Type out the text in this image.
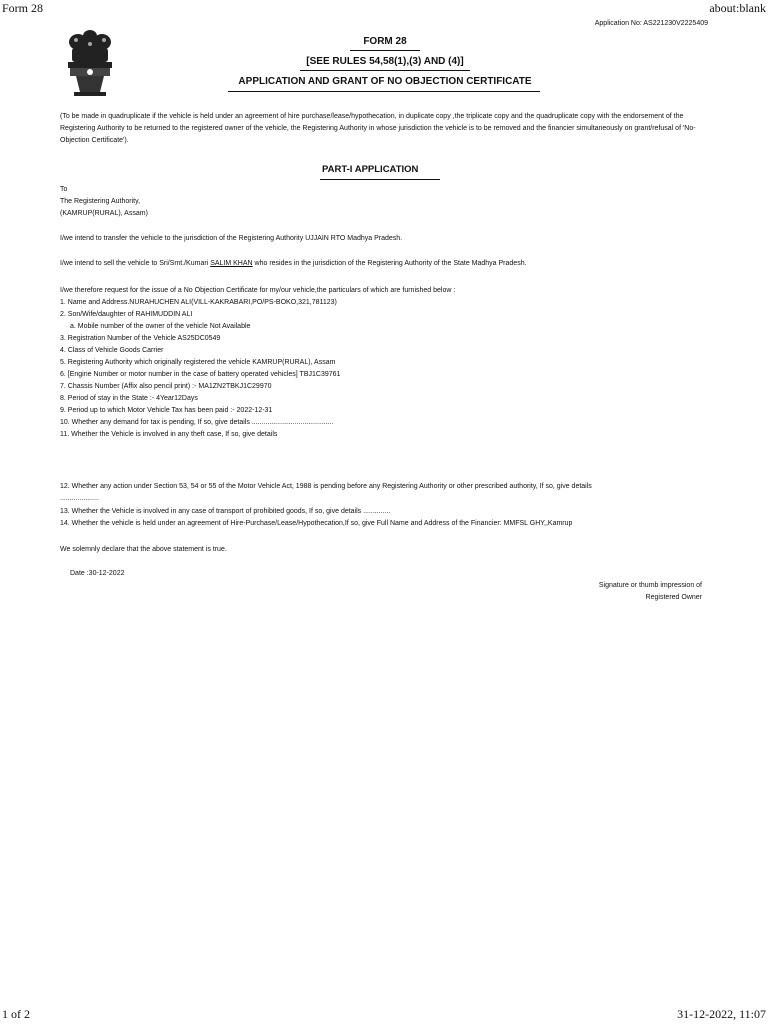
Form 28	about:blank
Application No: AS221230V2225409
FORM 28
[SEE RULES 54,58(1),(3) AND (4)]
APPLICATION AND GRANT OF NO OBJECTION CERTIFICATE
(To be made in quadruplicate if the vehicle is held under an agreement of hire purchase/lease/hypothecation, in duplicate copy ,the triplicate copy and the quadruplicate copy with the endorsement of the Registering Authority to be returned to the registered owner of the vehicle, the Registering Authority in whose jurisdiction the vehicle is to be removed and the financier simultaneously on grant/refusal of 'No-Objection Certificate').
PART-I APPLICATION
To
The Registering Authority,
(KAMRUP(RURAL), Assam)
I/we intend to transfer the vehicle to the jurisdiction of the Registering Authority UJJAIN RTO Madhya Pradesh.
I/we intend to sell the vehicle to Sri/Smt./Kumari SALIM KHAN who resides in the jurisdiction of the Registering Authority of the State Madhya Pradesh.
I/we therefore request for the issue of a No Objection Certificate for my/our vehicle,the particulars of which are furnished below :
1. Name and Address.NURAHUCHEN ALI(VILL-KAKRABARI,PO/PS-BOKO,321,781123)
2. Son/Wife/daughter of RAHIMUDDIN ALI
a. Mobile number of the owner of the vehicle Not Available
3. Registration Number of the Vehicle AS25DC0549
4. Class of Vehicle Goods Carrier
5. Registering Authority which originally registered the vehicle KAMRUP(RURAL), Assam
6. [Engine Number or motor number in the case of battery operated vehicles] TBJ1C39761
7. Chassis Number (Affix also pencil print) :- MA1ZN2TBKJ1C29970
8. Period of stay in the State :- 4Year12Days
9. Period up to which Motor Vehicle Tax has been paid :- 2022-12-31
10. Whether any demand for tax is pending, If so, give details ..........................................
11. Whether the Vehicle is involved in any theft case, If so, give details
12. Whether any action under Section 53, 54 or 55 of the Motor Vehicle Act, 1988 is pending before any Registering Authority or other prescribed authority, If so, give details
....................
13. Whether the Vehicle is involved in any case of transport of prohibited goods, If so, give details ..............
14. Whether the vehicle is held under an agreement of Hire-Purchase/Lease/Hypothecation,If so, give Full Name and Address of the Financier: MMFSL GHY,,Kamrup
We solemnly declare that the above statement is true.
Date :30-12-2022
Signature or thumb impression of
Registered Owner
1 of 2	31-12-2022, 11:07
